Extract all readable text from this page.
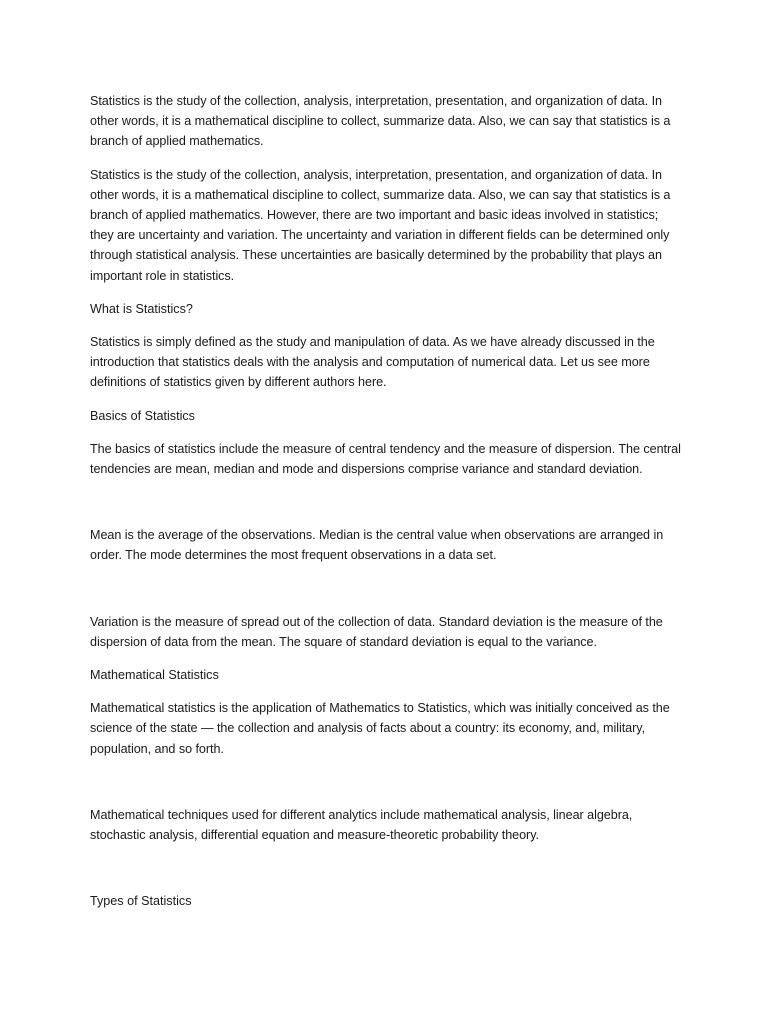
Statistics is the study of the collection, analysis, interpretation, presentation, and organization of data. In other words, it is a mathematical discipline to collect, summarize data. Also, we can say that statistics is a branch of applied mathematics.

Statistics is the study of the collection, analysis, interpretation, presentation, and organization of data. In other words, it is a mathematical discipline to collect, summarize data. Also, we can say that statistics is a branch of applied mathematics. However, there are two important and basic ideas involved in statistics; they are uncertainty and variation. The uncertainty and variation in different fields can be determined only through statistical analysis. These uncertainties are basically determined by the probability that plays an important role in statistics.

What is Statistics?

Statistics is simply defined as the study and manipulation of data. As we have already discussed in the introduction that statistics deals with the analysis and computation of numerical data. Let us see more definitions of statistics given by different authors here.

Basics of Statistics

The basics of statistics include the measure of central tendency and the measure of dispersion. The central tendencies are mean, median and mode and dispersions comprise variance and standard deviation.

Mean is the average of the observations. Median is the central value when observations are arranged in order. The mode determines the most frequent observations in a data set.

Variation is the measure of spread out of the collection of data. Standard deviation is the measure of the dispersion of data from the mean. The square of standard deviation is equal to the variance.

Mathematical Statistics

Mathematical statistics is the application of Mathematics to Statistics, which was initially conceived as the science of the state — the collection and analysis of facts about a country: its economy, and, military, population, and so forth.

Mathematical techniques used for different analytics include mathematical analysis, linear algebra, stochastic analysis, differential equation and measure-theoretic probability theory.

Types of Statistics
